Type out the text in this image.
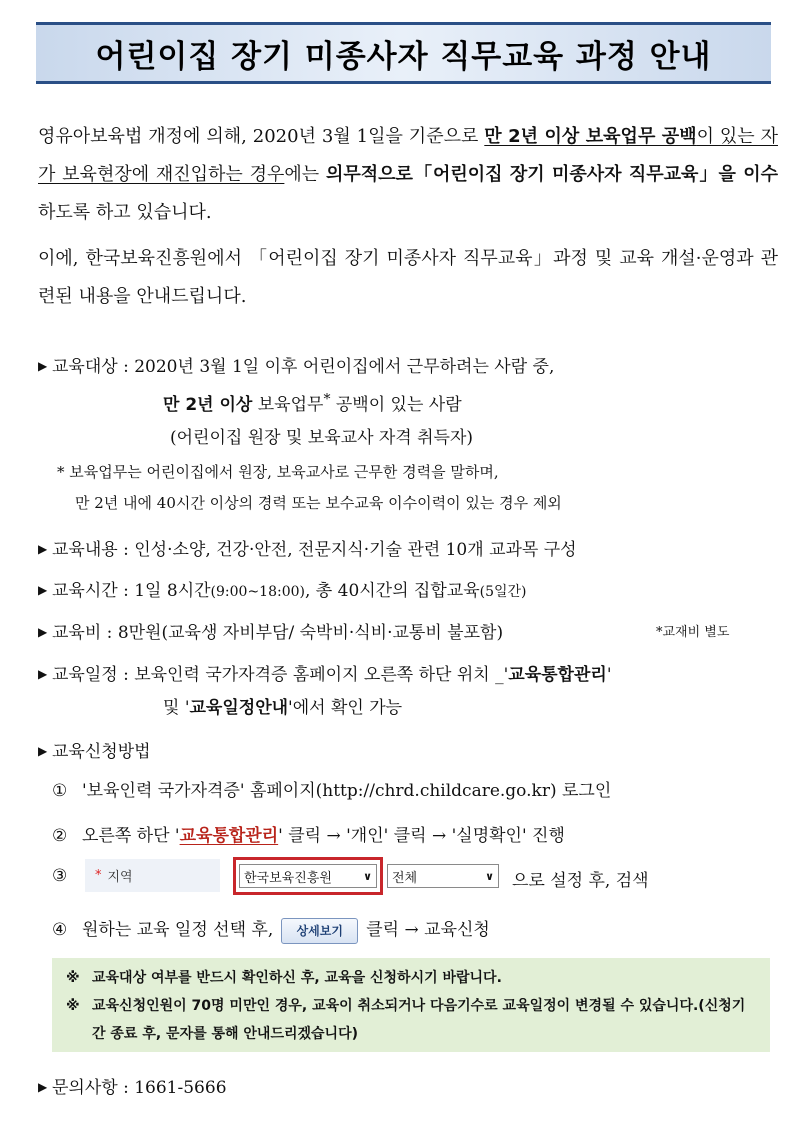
어린이집 장기 미종사자 직무교육 과정 안내
영유아보육법 개정에 의해, 2020년 3월 1일을 기준으로 만 2년 이상 보육업무 공백이 있는 자가 보육현장에 재진입하는 경우에는 의무적으로「어린이집 장기 미종사자 직무교육」을 이수하도록 하고 있습니다.
이에, 한국보육진흥원에서 「어린이집 장기 미종사자 직무교육」과정 및 교육 개설·운영과 관련된 내용을 안내드립니다.
▶ 교육대상 : 2020년 3월 1일 이후 어린이집에서 근무하려는 사람 중,
만 2년 이상 보육업무* 공백이 있는 사람
(어린이집 원장 및 보육교사 자격 취득자)
* 보육업무는 어린이집에서 원장, 보육교사로 근무한 경력을 말하며,
만 2년 내에 40시간 이상의 경력 또는 보수교육 이수이력이 있는 경우 제외
▶ 교육내용 : 인성·소양, 건강·안전, 전문지식·기술 관련 10개 교과목 구성
▶ 교육시간 : 1일 8시간(9:00~18:00), 총 40시간의 집합교육(5일간)
▶ 교육비 : 8만원(교육생 자비부담/ 숙박비·식비·교통비 불포함)	*교재비 별도
▶ 교육일정 : 보육인력 국가자격증 홈페이지 오른쪽 하단 위치 _'교육통합관리'
및 '교육일정안내'에서 확인 가능
▶ 교육신청방법
① '보육인력 국가자격증' 홈페이지(http://chrd.childcare.go.kr) 로그인
② 오른쪽 하단 '교육통합관리' 클릭 → '개인' 클릭 → '실명확인' 진행
③ * 지역	한국보육진흥원	∨ 전체	∨ 으로 설정 후, 검색
④ 원하는 교육 일정 선택 후, 상세보기 클릭 → 교육신청
※ 교육대상 여부를 반드시 확인하신 후, 교육을 신청하시기 바랍니다.
※ 교육신청인원이 70명 미만인 경우, 교육이 취소되거나 다음기수로 교육일정이 변경될 수 있습니다.(신청기간 종료 후, 문자를 통해 안내드리겠습니다)
▶ 문의사항 : 1661-5666
